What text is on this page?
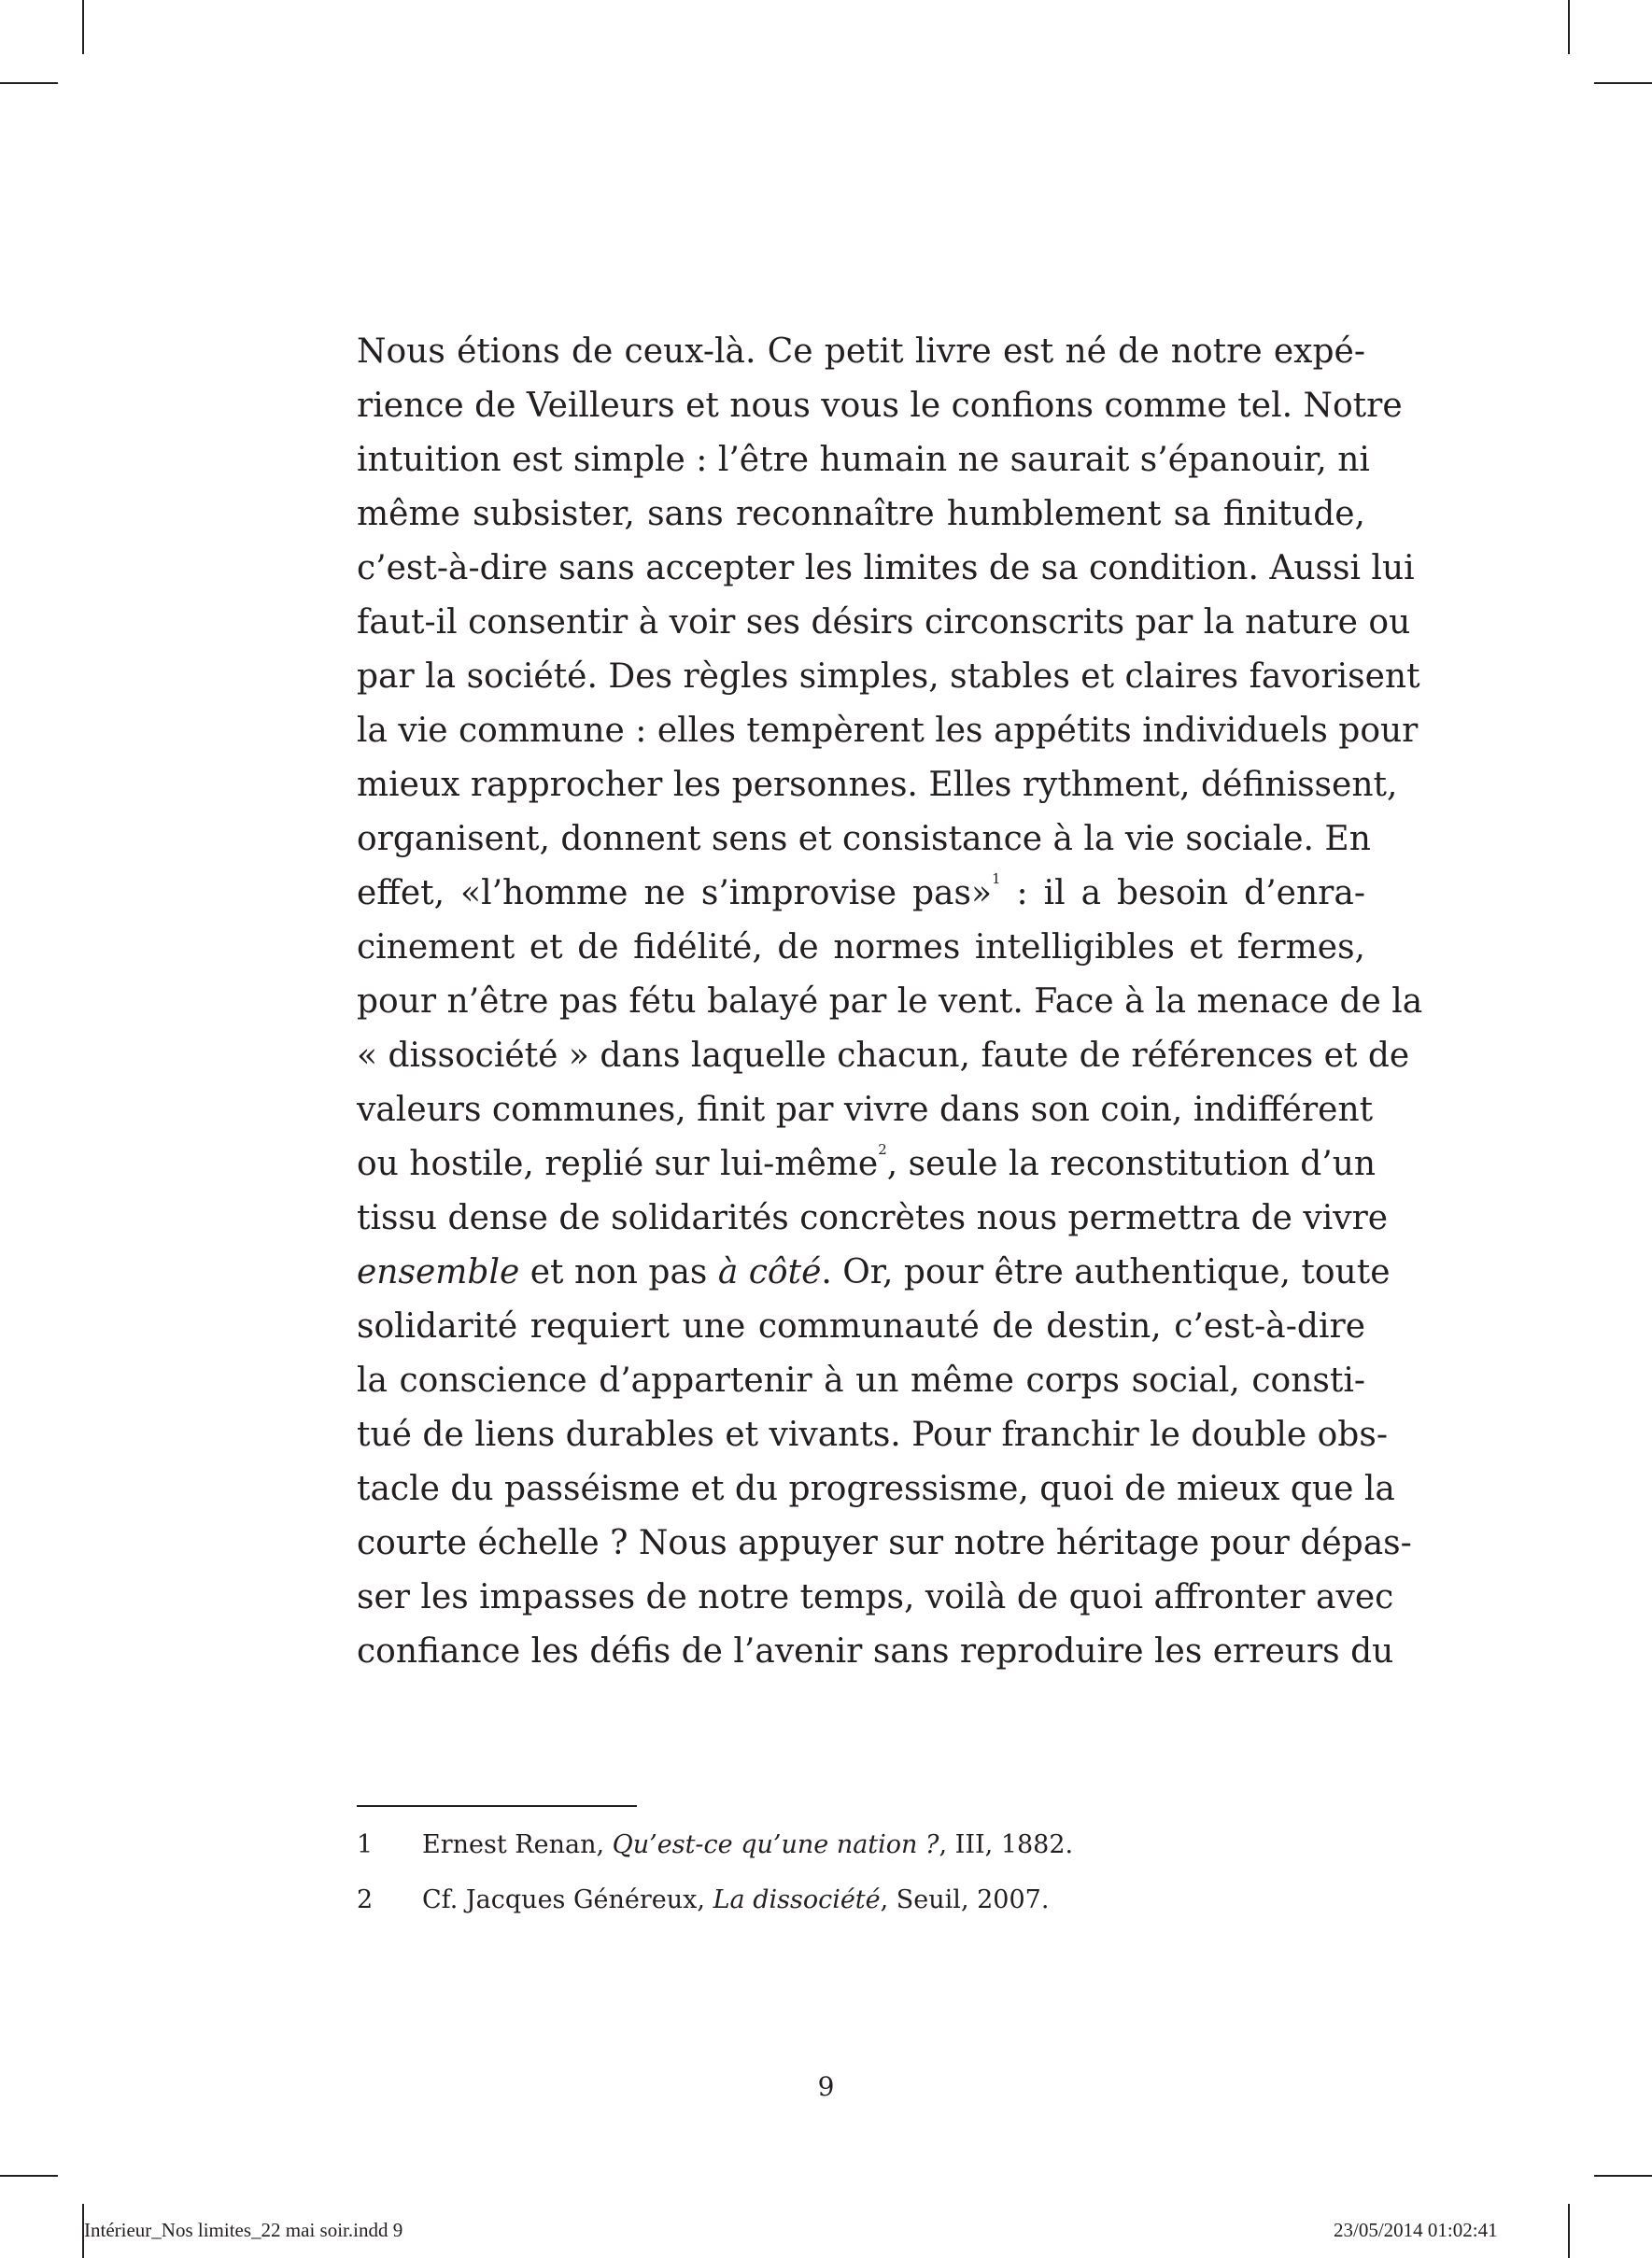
Nous étions de ceux-là. Ce petit livre est né de notre expé-
rience de Veilleurs et nous vous le confions comme tel. Notre
intuition est simple : l’être humain ne saurait s’épanouir, ni
même subsister, sans reconnaître humblement sa finitude,
c’est-à-dire sans accepter les limites de sa condition. Aussi lui
faut-il consentir à voir ses désirs circonscrits par la nature ou
par la société. Des règles simples, stables et claires favorisent
la vie commune : elles tempèrent les appétits individuels pour
mieux rapprocher les personnes. Elles rythment, définissent,
organisent, donnent sens et consistance à la vie sociale. En
effet, «l’homme ne s’improvise pas»$^1$ : il a besoin d’enra-
cinement et de fidélité, de normes intelligibles et fermes,
pour n’être pas fétu balayé par le vent. Face à la menace de la
« dissociété » dans laquelle chacun, faute de références et de
valeurs communes, finit par vivre dans son coin, indifférent
ou hostile, replié sur lui-même$^2$, seule la reconstitution d’un
tissu dense de solidarités concrètes nous permettra de vivre
ensemble et non pas à côté. Or, pour être authentique, toute
solidarité requiert une communauté de destin, c’est-à-dire
la conscience d’appartenir à un même corps social, consti-
tué de liens durables et vivants. Pour franchir le double obs-
tacle du passéisme et du progressisme, quoi de mieux que la
courte échelle ? Nous appuyer sur notre héritage pour dépas-
ser les impasses de notre temps, voilà de quoi affronter avec
confiance les défis de l’avenir sans reproduire les erreurs du
1 Ernest Renan, Qu’est-ce qu’une nation ?, III, 1882.
2 Cf. Jacques Généreux, La dissociété, Seuil, 2007.
9
Intérieur_Nos limites_22 mai soir.indd 9	23/05/2014 01:02:41
